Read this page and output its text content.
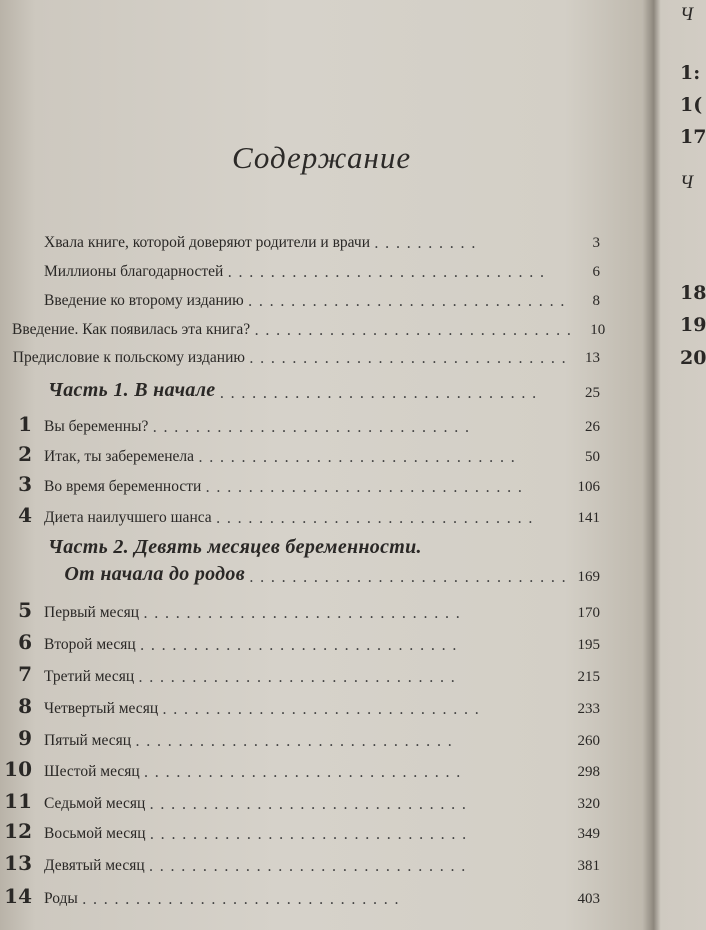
Содержание
Хвала книге, которой доверяют родители и врачи ..........	3
Миллионы благодарностей ..............................	6
Введение ко второму изданию ..............................	8
Введение. Как появилась эта книга? .............................. 10
Предисловие к польскому изданию .............................. 13
Часть 1. В начале ..............................	25
1 Вы беременны? ..............................	26
2 Итак, ты забеременела ..............................	50
3 Во время беременности ..............................	106
4 Диета наилучшего шанса ..............................	141
Часть 2. Девять месяцев беременности.
От начала до родов .............................. 169
5 Первый месяц ..............................	170
6 Второй месяц ..............................	195
7 Третий месяц ..............................	215
8 Четвертый месяц ..............................	233
9 Пятый месяц ..............................	260
10 Шестой месяц ..............................	298
11 Седьмой месяц ..............................	320
12 Восьмой месяц ..............................	349
13 Девятый месяц ..............................	381
14 Роды ..............................	403
Ч
1:
1(
17
Ч
18
19
20
